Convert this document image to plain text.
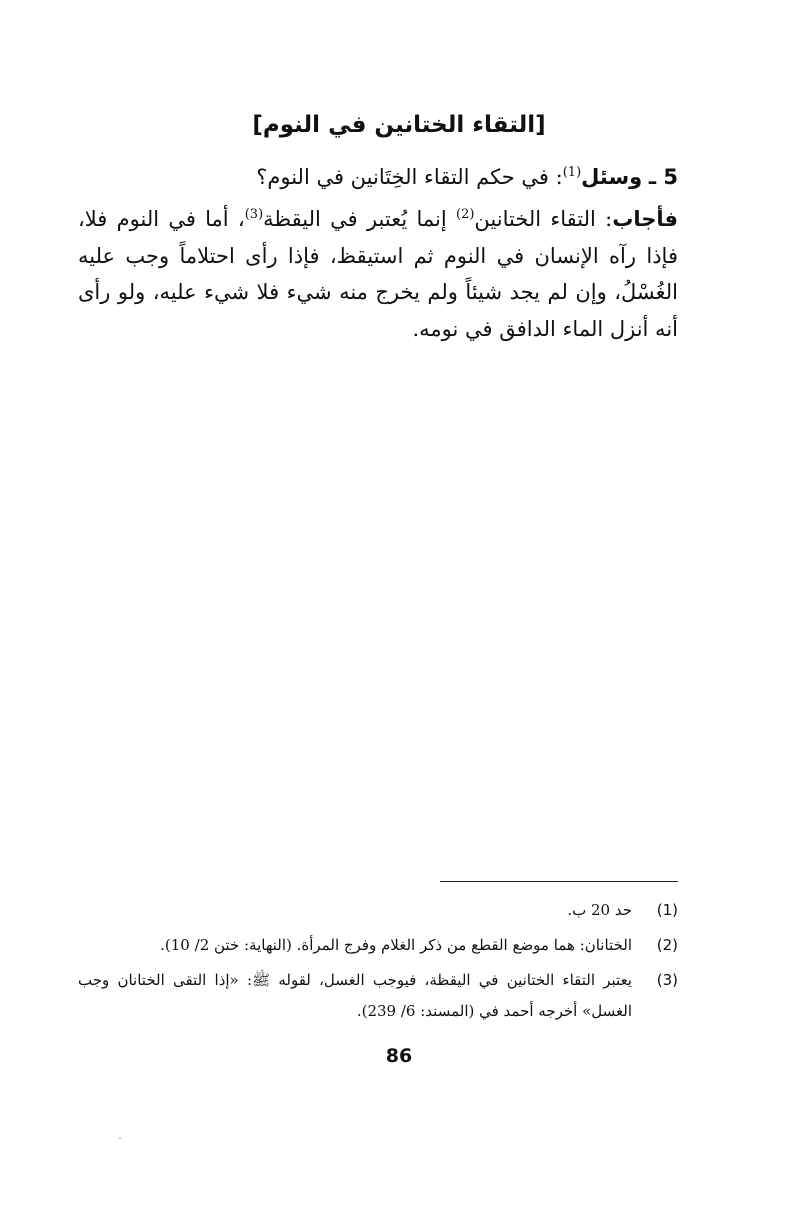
[التقاء الختانين في النوم]
5 ـ وسئل$^{(1)}$: في حكم التقاء الخِتَانين في النوم؟
فأجاب: التقاء الختانين$^{(2)}$ إنما يُعتبر في اليقظة$^{(3)}$، أما في النوم فلا، فإذا رآه الإنسان في النوم ثم استيقظ، فإذا رأى احتلاماً وجب عليه الغُسْلُ، وإن لم يجد شيئاً ولم يخرج منه شيء فلا شيء عليه، ولو رأى أنه أنزل الماء الدافق في نومه.
(1)
حد 20 ب.
(2)
الختانان: هما موضع القطع من ذكر الغلام وفرج المرأة. (النهاية: ختن 2/ 10).
(3)
يعتبر التقاء الختانين في اليقظة، فيوجب الغسل، لقوله ﷺ: «إذا التقى الختانان وجب الغسل» أخرجه أحمد في (المسند: 6/ 239).
86
